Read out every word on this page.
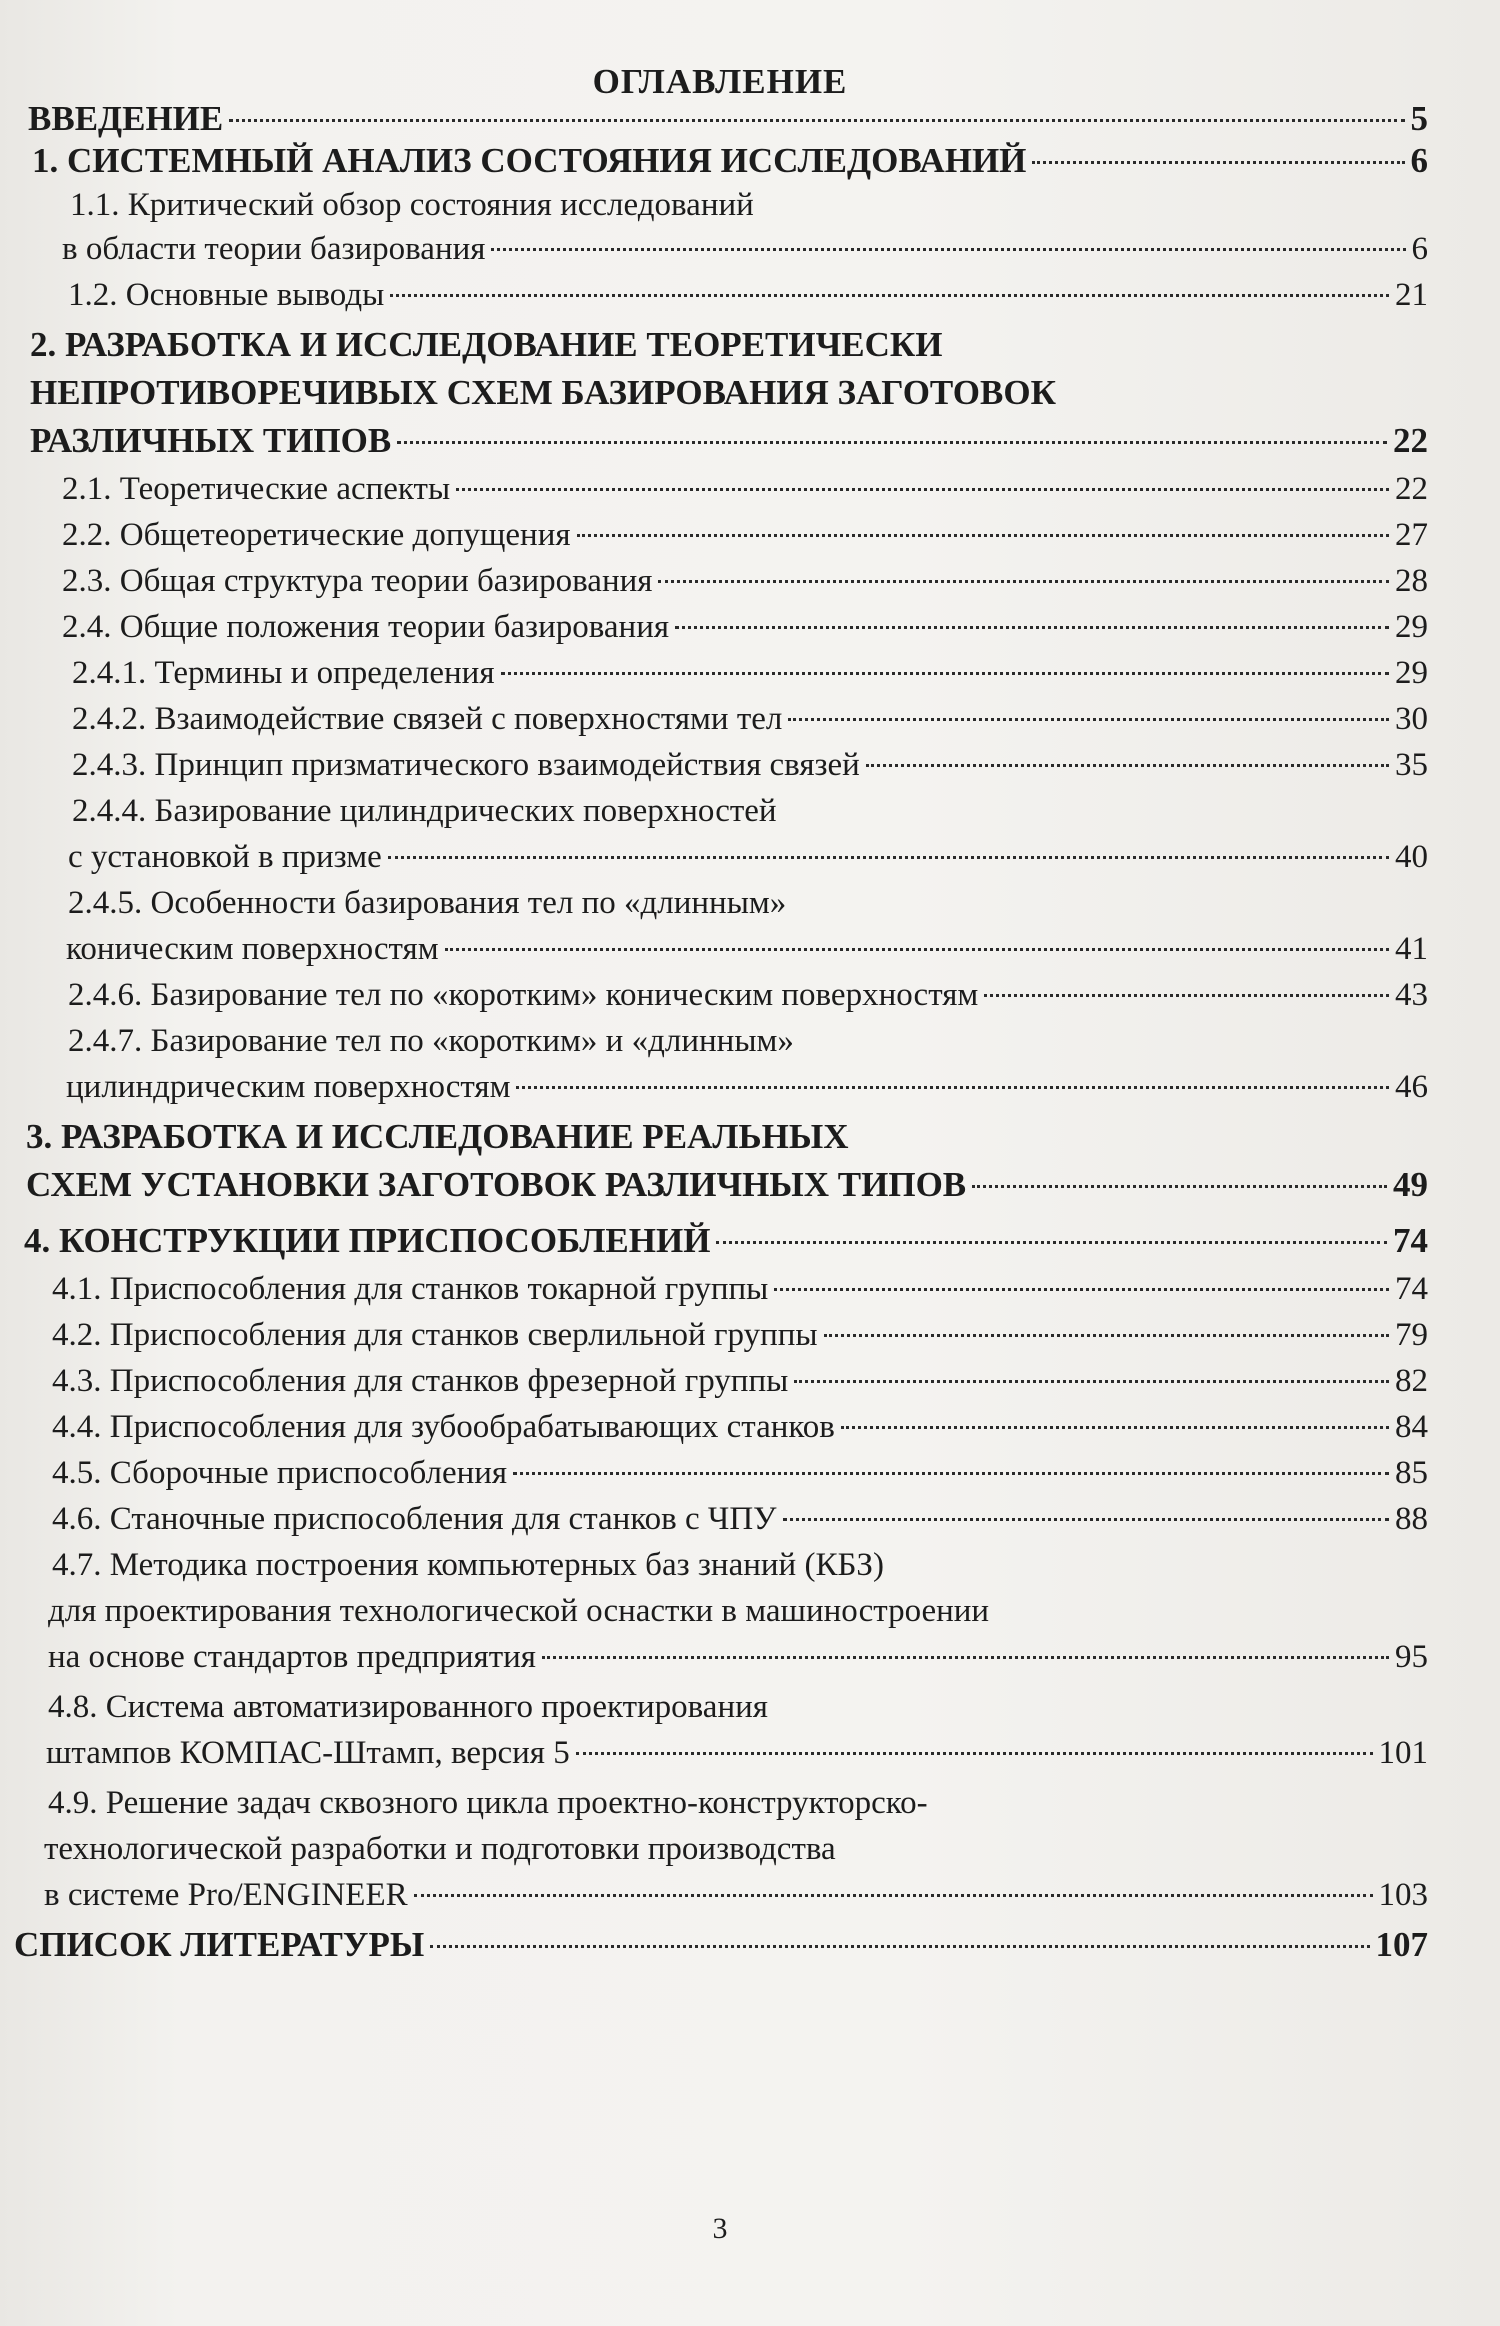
ОГЛАВЛЕНИЕ
ВВЕДЕНИЕ	5
1. СИСТЕМНЫЙ АНАЛИЗ СОСТОЯНИЯ ИССЛЕДОВАНИЙ	6
1.1. Критический обзор состояния исследований
в области теории базирования	6
1.2. Основные выводы	21
2. РАЗРАБОТКА И ИССЛЕДОВАНИЕ ТЕОРЕТИЧЕСКИ
НЕПРОТИВОРЕЧИВЫХ СХЕМ БАЗИРОВАНИЯ ЗАГОТОВОК
РАЗЛИЧНЫХ ТИПОВ	22
2.1. Теоретические аспекты	22
2.2. Общетеоретические допущения	27
2.3. Общая структура теории базирования	28
2.4. Общие положения теории базирования	29
2.4.1. Термины и определения	29
2.4.2. Взаимодействие связей с поверхностями тел	30
2.4.3. Принцип призматического взаимодействия связей	35
2.4.4. Базирование цилиндрических поверхностей
с установкой в призме	40
2.4.5. Особенности базирования тел по «длинным»
коническим поверхностям	41
2.4.6. Базирование тел по «коротким» коническим поверхностям	43
2.4.7. Базирование тел по «коротким» и «длинным»
цилиндрическим поверхностям	46
3. РАЗРАБОТКА И ИССЛЕДОВАНИЕ РЕАЛЬНЫХ
СХЕМ УСТАНОВКИ ЗАГОТОВОК РАЗЛИЧНЫХ ТИПОВ	49
4. КОНСТРУКЦИИ ПРИСПОСОБЛЕНИЙ	74
4.1. Приспособления для станков токарной группы	74
4.2. Приспособления для станков сверлильной группы	79
4.3. Приспособления для станков фрезерной группы	82
4.4. Приспособления для зубообрабатывающих станков	84
4.5. Сборочные приспособления	85
4.6. Станочные приспособления для станков с ЧПУ	88
4.7. Методика построения компьютерных баз знаний (КБЗ)
для проектирования технологической оснастки в машиностроении
на основе стандартов предприятия	95
4.8. Система автоматизированного проектирования
штампов КОМПАС-Штамп, версия 5	101
4.9. Решение задач сквозного цикла проектно-конструкторско-
технологической разработки и подготовки производства
в системе Pro/ENGINEER	103
СПИСОК ЛИТЕРАТУРЫ	107
3
